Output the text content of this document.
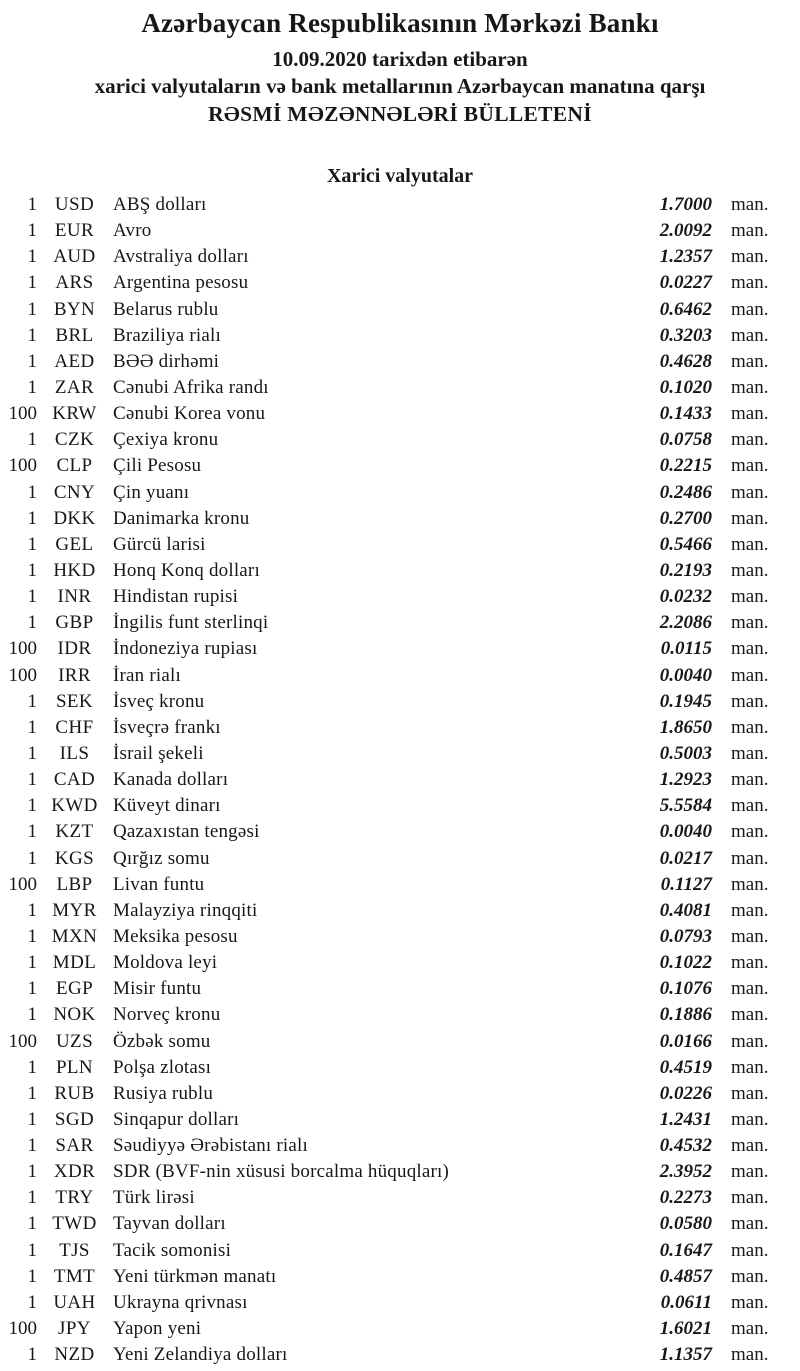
Azərbaycan Respublikasının Mərkəzi Bankı
10.09.2020 tarixdən etibarən
xarici valyutaların və bank metallarının Azərbaycan manatına qarşı
RƏSMİ MƏZƏNNƏLƏRİ BÜLLETENİ
Xarici valyutalar
1 USD ABŞ dolları	1.7000	man.
1 EUR Avro	2.0092	man.
1 AUD Avstraliya dolları	1.2357	man.
1 ARS	Argentina pesosu	0.0227	man.
1 BYN Belarus rublu	0.6462	man.
1 BRL	Braziliya rialı	0.3203	man.
1 AED BƏƏ dirhəmi	0.4628	man.
1 ZAR Cənubi Afrika randı	0.1020	man.
100 KRW Cənubi Korea vonu	0.1433	man.
1 CZK Çexiya kronu	0.0758	man.
100	CLP	Çili Pesosu	0.2215	man.
1 CNY Çin yuanı	0.2486	man.
1 DKK Danimarka kronu	0.2700	man.
1 GEL	Gürcü larisi	0.5466	man.
1 HKD Honq Konq dolları	0.2193	man.
1	INR	Hindistan rupisi	0.0232	man.
1 GBP	İngilis funt sterlinqi	2.2086	man.
100	IDR	İndoneziya rupiası	0.0115	man.
100	IRR	İran rialı	0.0040	man.
1 SEK	İsveç kronu	0.1945	man.
1 CHF	İsveçrə frankı	1.8650	man.
1	ILS	İsrail şekeli	0.5003	man.
1 CAD Kanada dolları	1.2923	man.
1 KWD Küveyt dinarı	5.5584	man.
1 KZT	Qazaxıstan tengəsi	0.0040	man.
1 KGS Qırğız somu	0.0217	man.
100	LBP	Livan funtu	0.1127	man.
1 MYR Malayziya rinqqiti	0.4081	man.
1 MXN Meksika pesosu	0.0793	man.
1 MDL Moldova leyi	0.1022	man.
1 EGP	Misir funtu	0.1076	man.
1 NOK Norveç kronu	0.1886	man.
100 UZS	Özbək somu	0.0166	man.
1 PLN	Polşa zlotası	0.4519	man.
1 RUB Rusiya rublu	0.0226	man.
1 SGD Sinqapur dolları	1.2431	man.
1 SAR	Səudiyyə Ərəbistanı rialı	0.4532	man.
1 XDR SDR (BVF-nin xüsusi borcalma hüquqları)	2.3952	man.
1 TRY	Türk lirəsi	0.2273	man.
1 TWD Tayvan dolları	0.0580	man.
1	TJS	Tacik somonisi	0.1647	man.
1 TMT Yeni türkmən manatı	0.4857	man.
1 UAH Ukrayna qrivnası	0.0611	man.
100	JPY	Yapon yeni	1.6021	man.
1 NZD Yeni Zelandiya dolları	1.1357	man.
